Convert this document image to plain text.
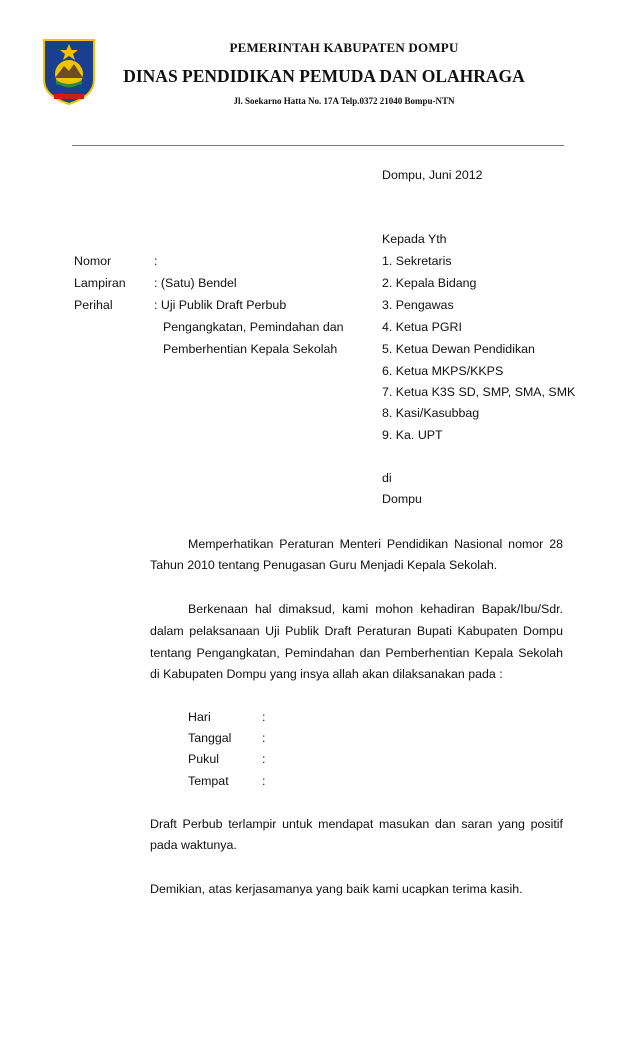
PEMERINTAH KABUPATEN DOMPU
DINAS PENDIDIKAN PEMUDA DAN OLAHRAGA
Jl. Soekarno Hatta No. 17A Telp.0372 21040 Bompu-NTN
Dompu, Juni 2012
Kepada Yth
1. Sekretaris
2. Kepala Bidang
3. Pengawas
4. Ketua PGRI
5. Ketua Dewan Pendidikan
6. Ketua MKPS/KKPS
7. Ketua K3S SD, SMP, SMA, SMK
8. Kasi/Kasubbag
9. Ka. UPT
di
Dompu
Nomor	:
Lampiran : (Satu) Bendel
Perihal	: Uji Publik Draft Perbub
Pengangkatan, Pemindahan dan
Pemberhentian Kepala Sekolah
Memperhatikan Peraturan Menteri Pendidikan Nasional nomor 28
Tahun 2010 tentang Penugasan Guru Menjadi Kepala Sekolah.
Berkenaan hal dimaksud, kami mohon kehadiran Bapak/Ibu/Sdr.
dalam pelaksanaan Uji Publik Draft Peraturan Bupati Kabupaten Dompu
tentang Pengangkatan, Pemindahan dan Pemberhentian Kepala Sekolah
di Kabupaten Dompu yang insya allah akan dilaksanakan pada :
Hari	:
Tanggal :
Pukul	:
Tempat	:
Draft Perbub terlampir untuk mendapat masukan dan saran yang positif
pada waktunya.
Demikian, atas kerjasamanya yang baik kami ucapkan terima kasih.
